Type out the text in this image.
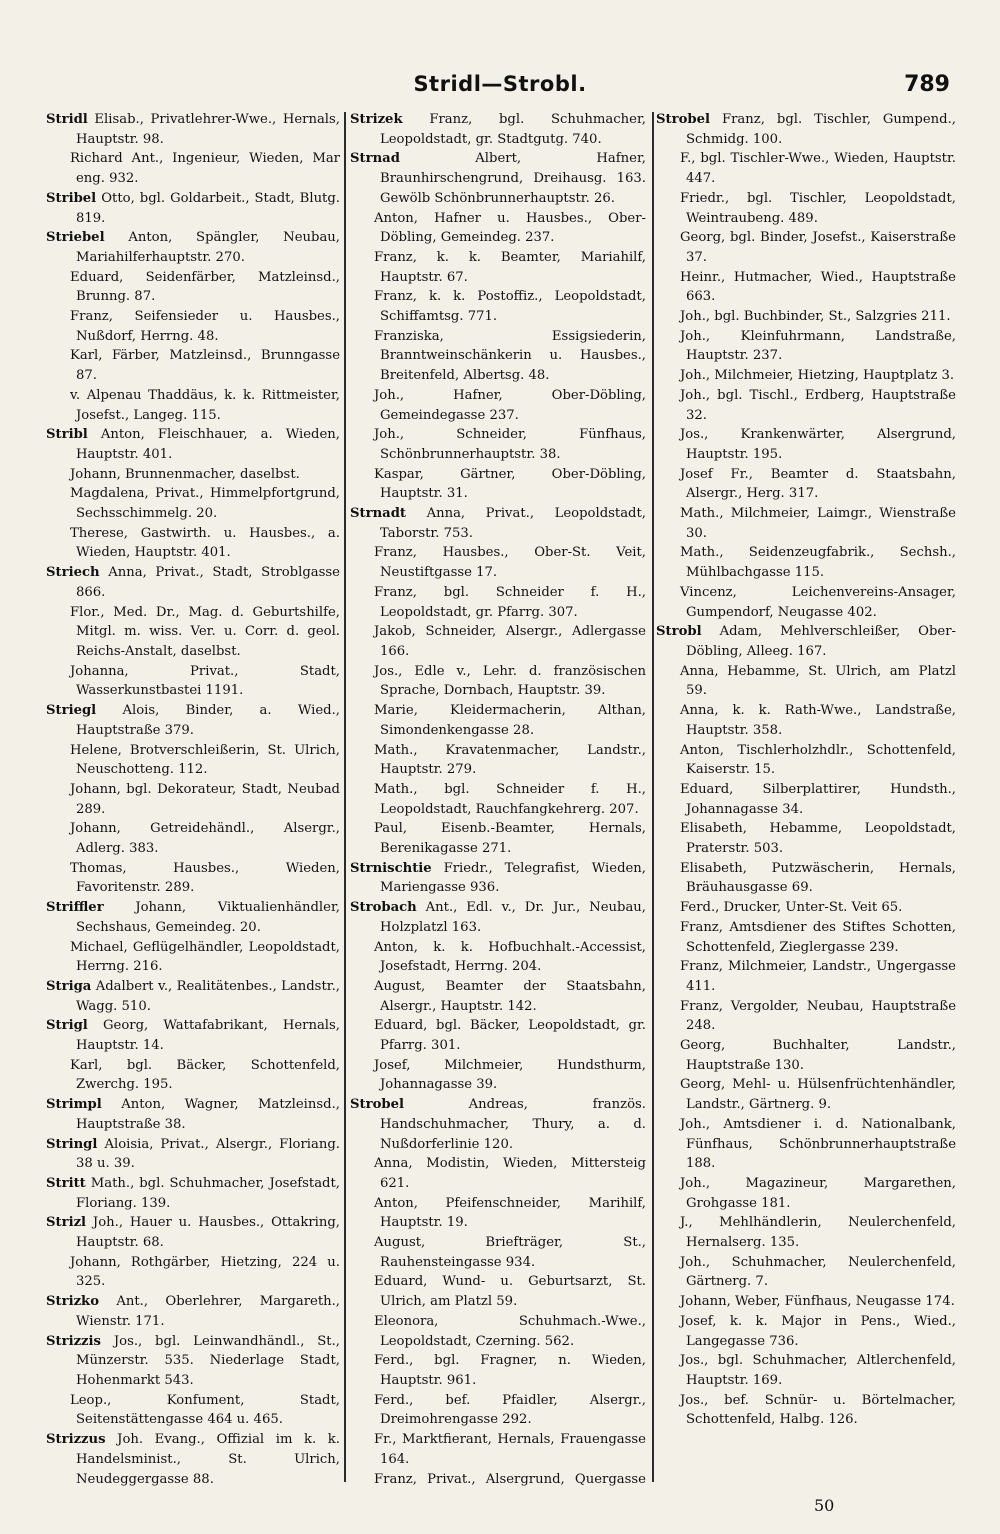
Stridl—Strobl.	789

Stridl Elisab., Privatlehrer-Wwe., Hernals, Hauptstr. 98.

Richard Ant., Ingenieur, Wieden, Mar eng. 932.

Stribel Otto, bgl. Goldarbeit., Stadt, Blutg. 819.

Striebel Anton, Spängler, Neubau, Mariahilferhauptstr. 270.

Eduard, Seidenfärber, Matzleinsd., Brunng. 87.

Franz, Seifensieder u. Hausbes., Nußdorf, Herrng. 48.

Karl, Färber, Matzleinsd., Brunngasse 87.

v. Alpenau Thaddäus, k. k. Rittmeister, Josefst., Langeg. 115.

Stribl Anton, Fleischhauer, a. Wieden, Hauptstr. 401.

Johann, Brunnenmacher, daselbst.

Magdalena, Privat., Himmelpfortgrund, Sechsschimmelg. 20.

Therese, Gastwirth. u. Hausbes., a. Wieden, Hauptstr. 401.

Striech Anna, Privat., Stadt, Stroblgasse 866.

Flor., Med. Dr., Mag. d. Geburtshilfe, Mitgl. m. wiss. Ver. u. Corr. d. geol. Reichs-Anstalt, daselbst.

Johanna, Privat., Stadt, Wasserkunstbastei 1191.

Striegl Alois, Binder, a. Wied., Hauptstraße 379.

Helene, Brotverschleißerin, St. Ulrich, Neuschotteng. 112.

Johann, bgl. Dekorateur, Stadt, Neubad 289.

Johann, Getreidehändl., Alsergr., Adlerg. 383.

Thomas, Hausbes., Wieden, Favoritenstr. 289.

Striffler Johann, Viktualienhändler, Sechshaus, Gemeindeg. 20.

Michael, Geflügelhändler, Leopoldstadt, Herrng. 216.

Striga Adalbert v., Realitätenbes., Landstr., Wagg. 510.

Strigl Georg, Wattafabrikant, Hernals, Hauptstr. 14.

Karl, bgl. Bäcker, Schottenfeld, Zwerchg. 195.

Strimpl Anton, Wagner, Matzleinsd., Hauptstraße 38.

Stringl Aloisia, Privat., Alsergr., Floriang. 38 u. 39.

Stritt Math., bgl. Schuhmacher, Josefstadt, Floriang. 139.

Strizl Joh., Hauer u. Hausbes., Ottakring, Hauptstr. 68.

Johann, Rothgärber, Hietzing, 224 u. 325.

Strizko Ant., Oberlehrer, Margareth., Wienstr. 171.

Strizzis Jos., bgl. Leinwandhändl., St., Münzerstr. 535. Niederlage Stadt, Hohenmarkt 543.

Leop., Konfument, Stadt, Seitenstättengasse 464 u. 465.

Strizzus Joh. Evang., Offizial im k. k. Handelsminist., St. Ulrich, Neudeggergasse 88.

Strizek Franz, bgl. Schuhmacher, Leopoldstadt, gr. Stadtgutg. 740.

Strnad	Albert, Hafner, Braunhirschengrund, Dreihausg. 163. Gewölb Schönbrunnerhauptstr. 26.

Anton, Hafner u. Hausbes., Ober-Döbling, Gemeindeg. 237.

Franz, k. k. Beamter, Mariahilf, Hauptstr. 67.

Franz, k. k. Postoffiz., Leopoldstadt, Schiffamtsg. 771.

Franziska, Essigsiederin, Branntweinschänkerin u. Hausbes., Breitenfeld, Albertsg. 48.

Joh., Hafner, Ober-Döbling, Gemeindegasse 237.

Joh., Schneider, Fünfhaus, Schönbrunnerhauptstr. 38.

Kaspar, Gärtner, Ober-Döbling, Hauptstr. 31.

Strnadt Anna, Privat., Leopoldstadt, Taborstr. 753.

Franz, Hausbes., Ober-St. Veit, Neustiftgasse 17.

Franz, bgl. Schneider f. H., Leopoldstadt, gr. Pfarrg. 307.

Jakob, Schneider, Alsergr., Adlergasse 166.

Jos., Edle v., Lehr. d. französischen Sprache, Dornbach, Hauptstr. 39.

Marie, Kleidermacherin, Althan, Simondenkengasse 28.

Math., Kravatenmacher, Landstr., Hauptstr. 279.

Math., bgl. Schneider f. H., Leopoldstadt, Rauchfangkehrerg. 207.

Paul, Eisenb.-Beamter, Hernals, Berenikagasse 271.

Strnischtie Friedr., Telegrafist, Wieden, Mariengasse 936.

Strobach Ant., Edl. v., Dr. Jur., Neubau, Holzplatzl 163.

Anton, k. k. Hofbuchhalt.-Accessist, Josefstadt, Herrng. 204.

August, Beamter der Staatsbahn, Alsergr., Hauptstr. 142.

Eduard, bgl. Bäcker, Leopoldstadt, gr. Pfarrg. 301.

Josef, Milchmeier, Hundsthurm, Johannagasse 39.

Strobel	Andreas, französ. Handschuhmacher, Thury, a. d. Nußdorferlinie 120.

Anna, Modistin, Wieden, Mittersteig 621.

Anton, Pfeifenschneider, Marihilf, Hauptstr. 19.

August, Briefträger, St., Rauhensteingasse 934.

Eduard, Wund- u. Geburtsarzt, St. Ulrich, am Platzl 59.

Eleonora, Schuhmach.-Wwe., Leopoldstadt, Czerning. 562.

Ferd., bgl. Fragner, n. Wieden, Hauptstr. 961.

Ferd., bef. Pfaidler, Alsergr., Dreimohrengasse 292.

Fr., Marktfierant, Hernals, Frauengasse 164.

Franz, Privat., Alsergrund, Quergasse

Strobel Franz, bgl. Tischler, Gumpend., Schmidg. 100.

F., bgl. Tischler-Wwe., Wieden, Hauptstr. 447.

Friedr., bgl. Tischler, Leopoldstadt, Weintraubeng. 489.

Georg, bgl. Binder, Josefst., Kaiserstraße 37.

Heinr., Hutmacher, Wied., Hauptstraße 663.

Joh., bgl. Buchbinder, St., Salzgries 211.

Joh., Kleinfuhrmann, Landstraße, Hauptstr. 237.

Joh., Milchmeier, Hietzing, Hauptplatz 3.

Joh., bgl. Tischl., Erdberg, Hauptstraße 32.

Jos., Krankenwärter, Alsergrund, Hauptstr. 195.

Josef Fr., Beamter d. Staatsbahn, Alsergr., Herg. 317.

Math., Milchmeier, Laimgr., Wienstraße 30.

Math., Seidenzeugfabrik., Sechsh., Mühlbachgasse 115.

Vincenz, Leichenvereins-Ansager, Gumpendorf, Neugasse 402.

Strobl Adam, Mehlverschleißer, Ober-Döbling, Alleeg. 167.

Anna, Hebamme, St. Ulrich, am Platzl 59.

Anna, k. k. Rath-Wwe., Landstraße, Hauptstr. 358.

Anton, Tischlerholzhdlr., Schottenfeld, Kaiserstr. 15.

Eduard, Silberplattirer, Hundsth., Johannagasse 34.

Elisabeth, Hebamme, Leopoldstadt, Praterstr. 503.

Elisabeth, Putzwäscherin, Hernals, Bräuhausgasse 69.

Ferd., Drucker, Unter-St. Veit 65.

Franz, Amtsdiener des Stiftes Schotten, Schottenfeld, Zieglergasse 239.

Franz, Milchmeier, Landstr., Ungergasse 411.

Franz, Vergolder, Neubau, Hauptstraße 248.

Georg, Buchhalter, Landstr., Hauptstraße 130.

Georg, Mehl- u. Hülsenfrüchtenhändler, Landstr., Gärtnerg. 9.

Joh., Amtsdiener i. d. Nationalbank, Fünfhaus, Schönbrunnerhauptstraße 188.

Joh., Magazineur, Margarethen, Grohgasse 181.

J., Mehlhändlerin, Neulerchenfeld, Hernalserg. 135.

Joh., Schuhmacher, Neulerchenfeld, Gärtnerg. 7.

Johann, Weber, Fünfhaus, Neugasse 174.

Josef, k. k. Major in Pens., Wied., Langegasse 736.

Jos., bgl. Schuhmacher, Altlerchenfeld, Hauptstr. 169.

Jos., bef. Schnür- u. Börtelmacher, Schottenfeld, Halbg. 126.

50
